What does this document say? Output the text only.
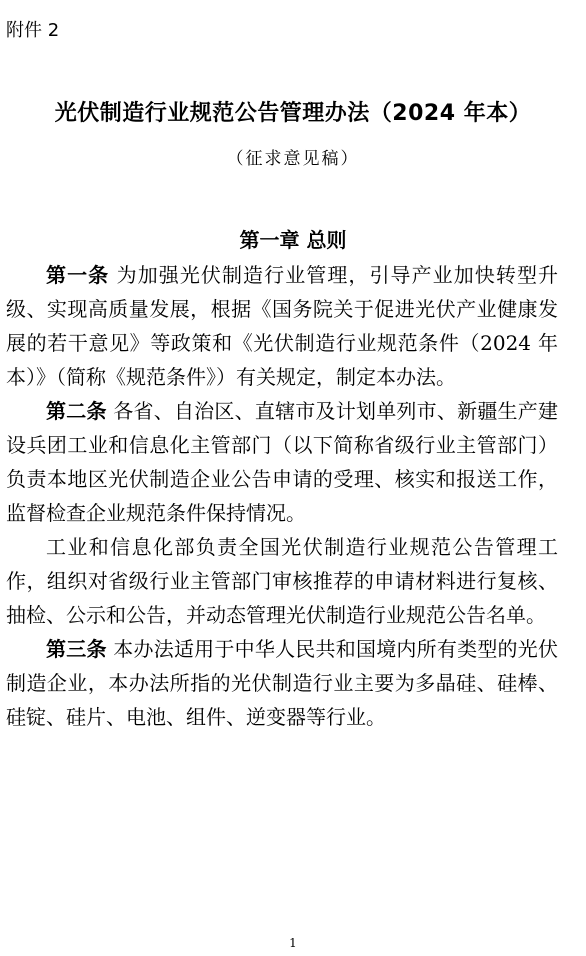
附件 2
光伏制造行业规范公告管理办法（2024 年本）
（征求意见稿）
第一章 总则

第一条 为加强光伏制造行业管理，引导产业加快转型升级、实现高质量发展，根据《国务院关于促进光伏产业健康发展的若干意见》等政策和《光伏制造行业规范条件（2024 年本）》（简称《规范条件》）有关规定，制定本办法。

第二条 各省、自治区、直辖市及计划单列市、新疆生产建设兵团工业和信息化主管部门（以下简称省级行业主管部门）负责本地区光伏制造企业公告申请的受理、核实和报送工作，监督检查企业规范条件保持情况。

工业和信息化部负责全国光伏制造行业规范公告管理工作，组织对省级行业主管部门审核推荐的申请材料进行复核、抽检、公示和公告，并动态管理光伏制造行业规范公告名单。

第三条 本办法适用于中华人民共和国境内所有类型的光伏制造企业，本办法所指的光伏制造行业主要为多晶硅、硅棒、硅锭、硅片、电池、组件、逆变器等行业。

1
